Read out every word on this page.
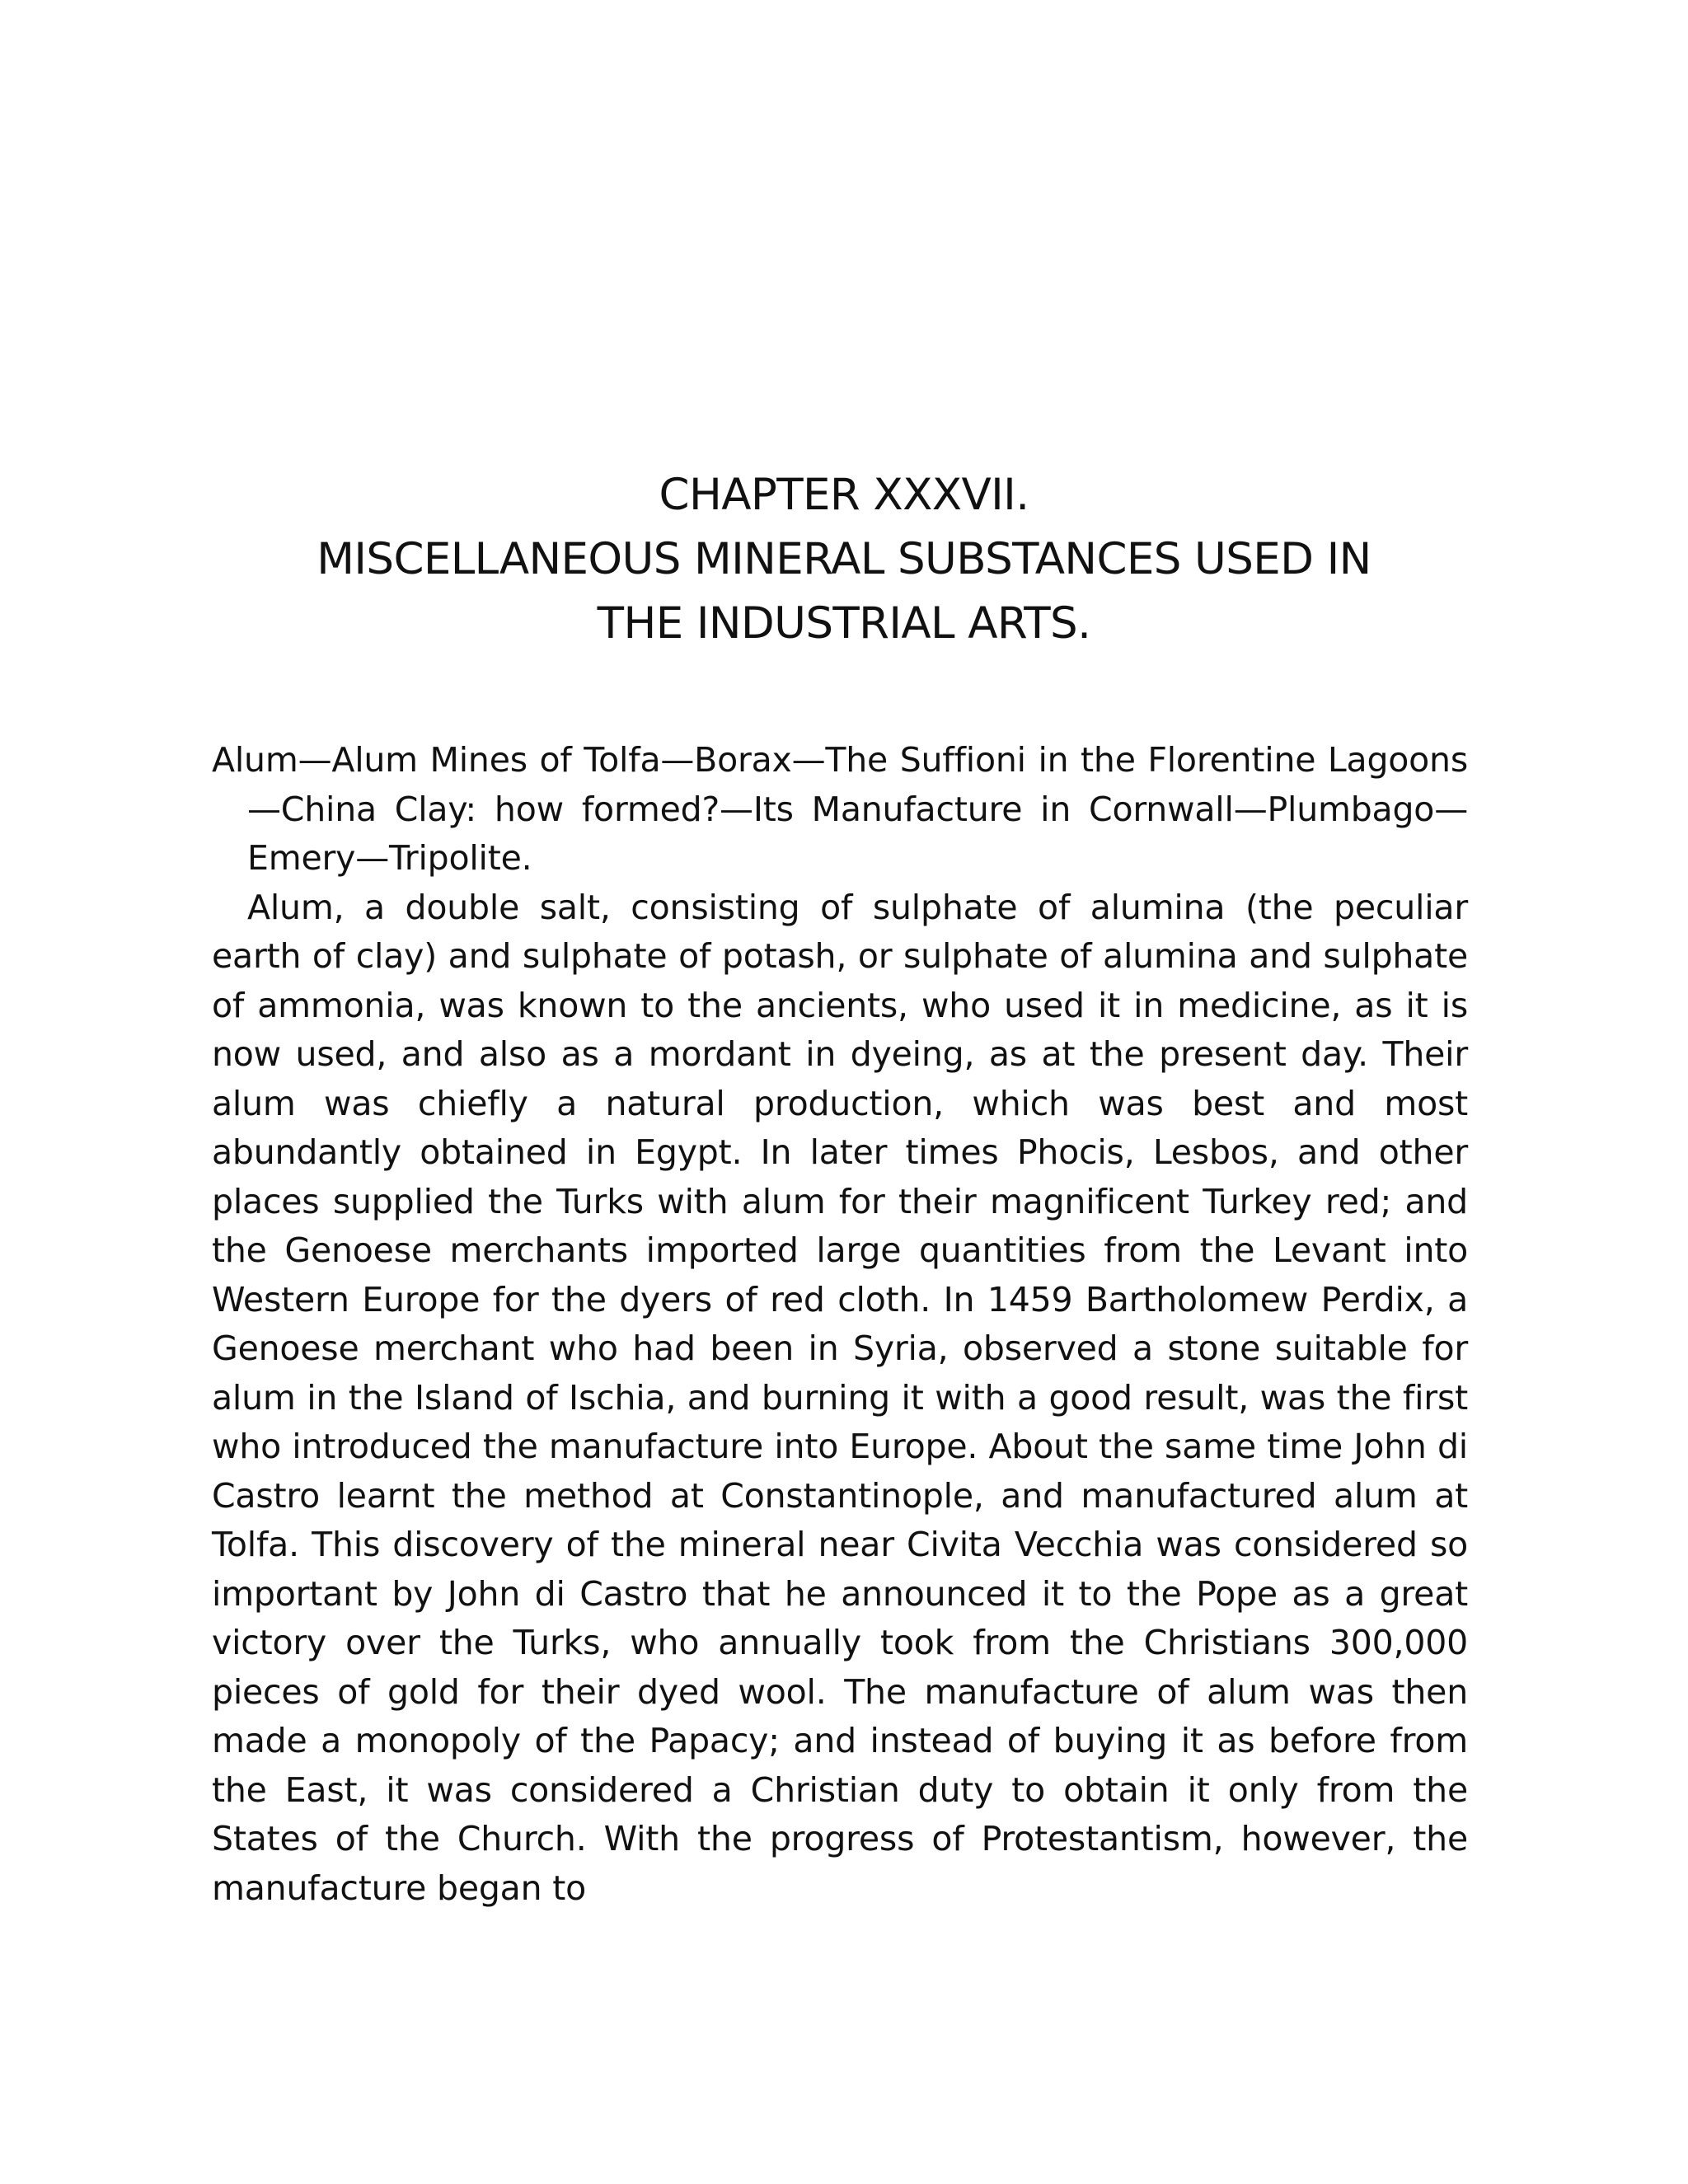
CHAPTER XXXVII.
MISCELLANEOUS MINERAL SUBSTANCES USED IN
THE INDUSTRIAL ARTS.

Alum—Alum Mines of Tolfa—Borax—The Suffioni in the Florentine Lagoons—China Clay: how formed?—Its Manufacture in Cornwall—Plumbago—Emery—Tripolite.

Alum, a double salt, consisting of sulphate of alumina (the peculiar earth of clay) and sulphate of potash, or sulphate of alumina and sulphate of ammonia, was known to the ancients, who used it in medicine, as it is now used, and also as a mordant in dyeing, as at the present day. Their alum was chiefly a natural production, which was best and most abundantly obtained in Egypt. In later times Phocis, Lesbos, and other places supplied the Turks with alum for their magnificent Turkey red; and the Genoese merchants imported large quantities from the Levant into Western Europe for the dyers of red cloth. In 1459 Bartholomew Perdix, a Genoese merchant who had been in Syria, observed a stone suitable for alum in the Island of Ischia, and burning it with a good result, was the first who introduced the manufacture into Europe. About the same time John di Castro learnt the method at Constantinople, and manufactured alum at Tolfa. This discovery of the mineral near Civita Vecchia was considered so important by John di Castro that he announced it to the Pope as a great victory over the Turks, who annually took from the Christians 300,000 pieces of gold for their dyed wool. The manufacture of alum was then made a monopoly of the Papacy; and instead of buying it as before from the East, it was considered a Christian duty to obtain it only from the States of the Church. With the progress of Protestantism, however, the manufacture began to
